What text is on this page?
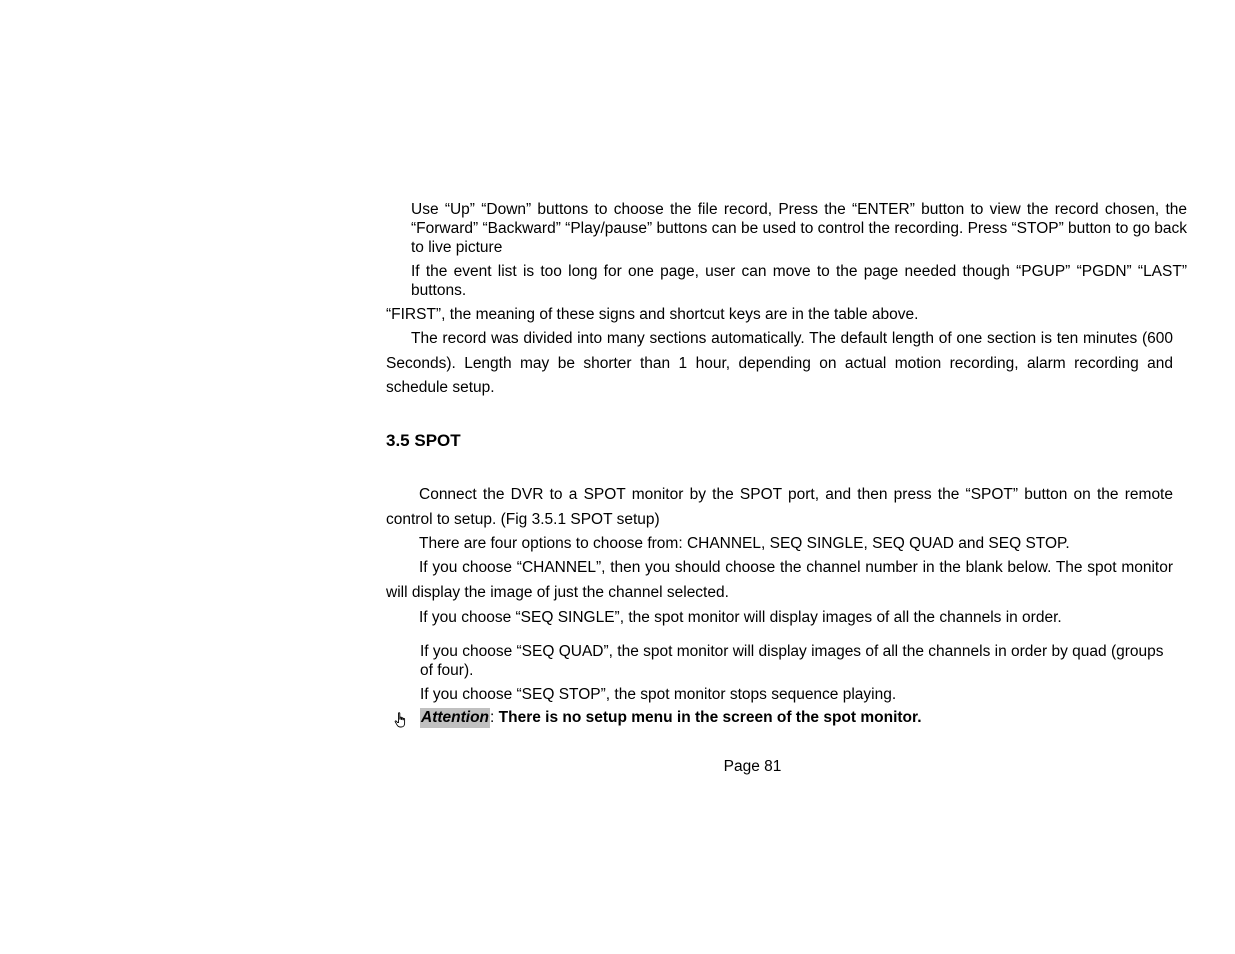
Use “Up” “Down” buttons to choose the file record, Press the “ENTER” button to view the record chosen, the “Forward” “Backward” “Play/pause” buttons can be used to control the recording. Press “STOP” button to go back to live picture

If the event list is too long for one page, user can move to the page needed though “PGUP” “PGDN” “LAST” buttons.

“FIRST”, the meaning of these signs and shortcut keys are in the table above.

The record was divided into many sections automatically. The default length of one section is ten minutes (600 Seconds). Length may be shorter than 1 hour, depending on actual motion recording, alarm recording and schedule setup.

3.5 SPOT

Connect the DVR to a SPOT monitor by the SPOT port, and then press the “SPOT” button on the remote control to setup. (Fig 3.5.1 SPOT setup)

There are four options to choose from: CHANNEL, SEQ SINGLE, SEQ QUAD and SEQ STOP.

If you choose “CHANNEL”, then you should choose the channel number in the blank below. The spot monitor will display the image of just the channel selected.

If you choose “SEQ SINGLE”, the spot monitor will display images of all the channels in order.

If you choose “SEQ QUAD”, the spot monitor will display images of all the channels in order by quad (groups of four).

If you choose “SEQ STOP”, the spot monitor stops sequence playing.

Attention :
There is no setup menu in the screen of the spot monitor.
Page 81
